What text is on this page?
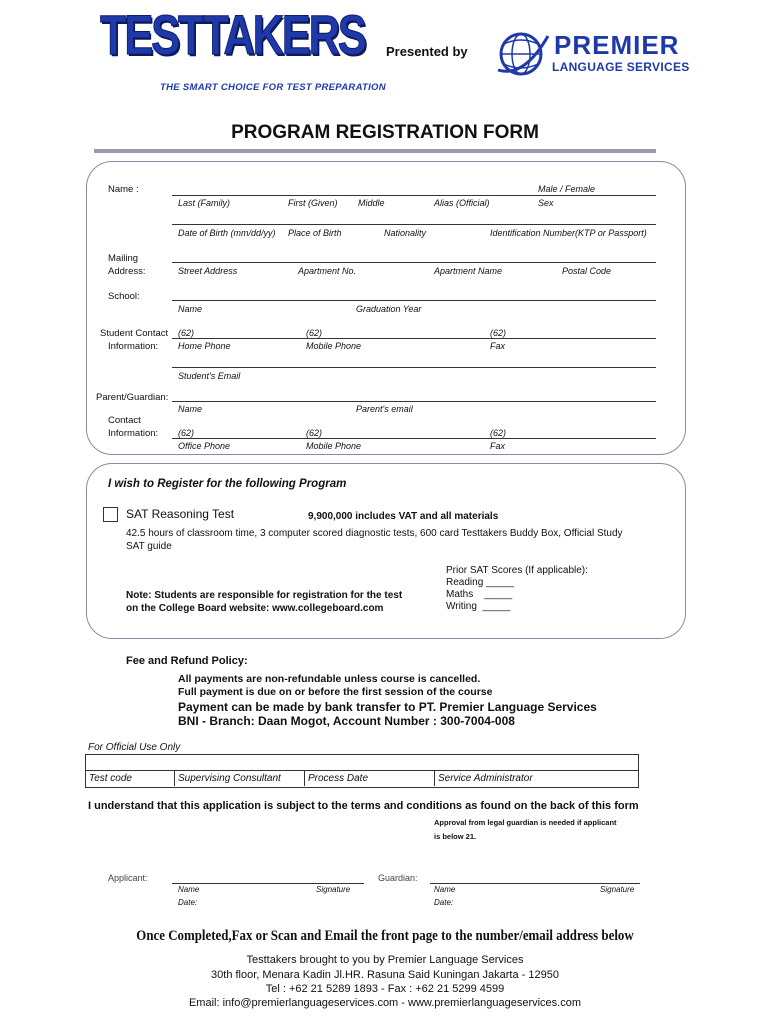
TESTTAKERS
THE SMART CHOICE FOR TEST PREPARATION
Presented by	PREMIER
LANGUAGE SERVICES
PROGRAM REGISTRATION FORM
Name :	Male / Female
Last (Family)	First (Given) Middle	Alias (Official)	Sex
Date of Birth (mm/dd/yy) Place of Birth	Nationality	Identification Number(KTP or Passport)
Mailing
Address:	Street Address	Apartment No.	Apartment Name	Postal Code
School:
Name	Graduation Year
Student Contact
Information:
(62)	(62)	(62)
Home Phone	Mobile Phone	Fax
Student's Email
Parent/Guardian:
Name	Parent's email
Contact
Information: (62)	(62)	(62)
Office Phone	Mobile Phone	Fax
I wish to Register for the following Program
SAT Reasoning Test	9,900,000 includes VAT and all materials
42.5 hours of classroom time, 3 computer scored diagnostic tests, 600 card Testtakers Buddy Box, Official Study
SAT guide
Prior SAT Scores (If applicable):
Reading _____
Maths    _____
Writing  _____
Note: Students are responsible for registration for the test
on the College Board website: www.collegeboard.com
Fee and Refund Policy:
All payments are non-refundable unless course is cancelled.
Full payment is due on or before the first session of the course
Payment can be made by bank transfer to PT. Premier Language Services
BNI - Branch: Daan Mogot, Account Number : 300-7004-008
For Official Use Only
Test code	Supervising Consultant	Process Date	Service Administrator
I understand that this application is subject to the terms and conditions as found on the back of this form
Approval from legal guardian is needed if applicant
is below 21.
Applicant:	Guardian:
Name	Signature
Date:
Name	Signature
Date:
Once Completed,Fax or Scan and Email the front page to the number/email address below
Testtakers brought to you by Premier Language Services
30th floor, Menara Kadin Jl.HR. Rasuna Said Kuningan Jakarta - 12950
Tel : +62 21 5289 1893 - Fax : +62 21 5299 4599
Email: info@premierlanguageservices.com - www.premierlanguageservices.com
